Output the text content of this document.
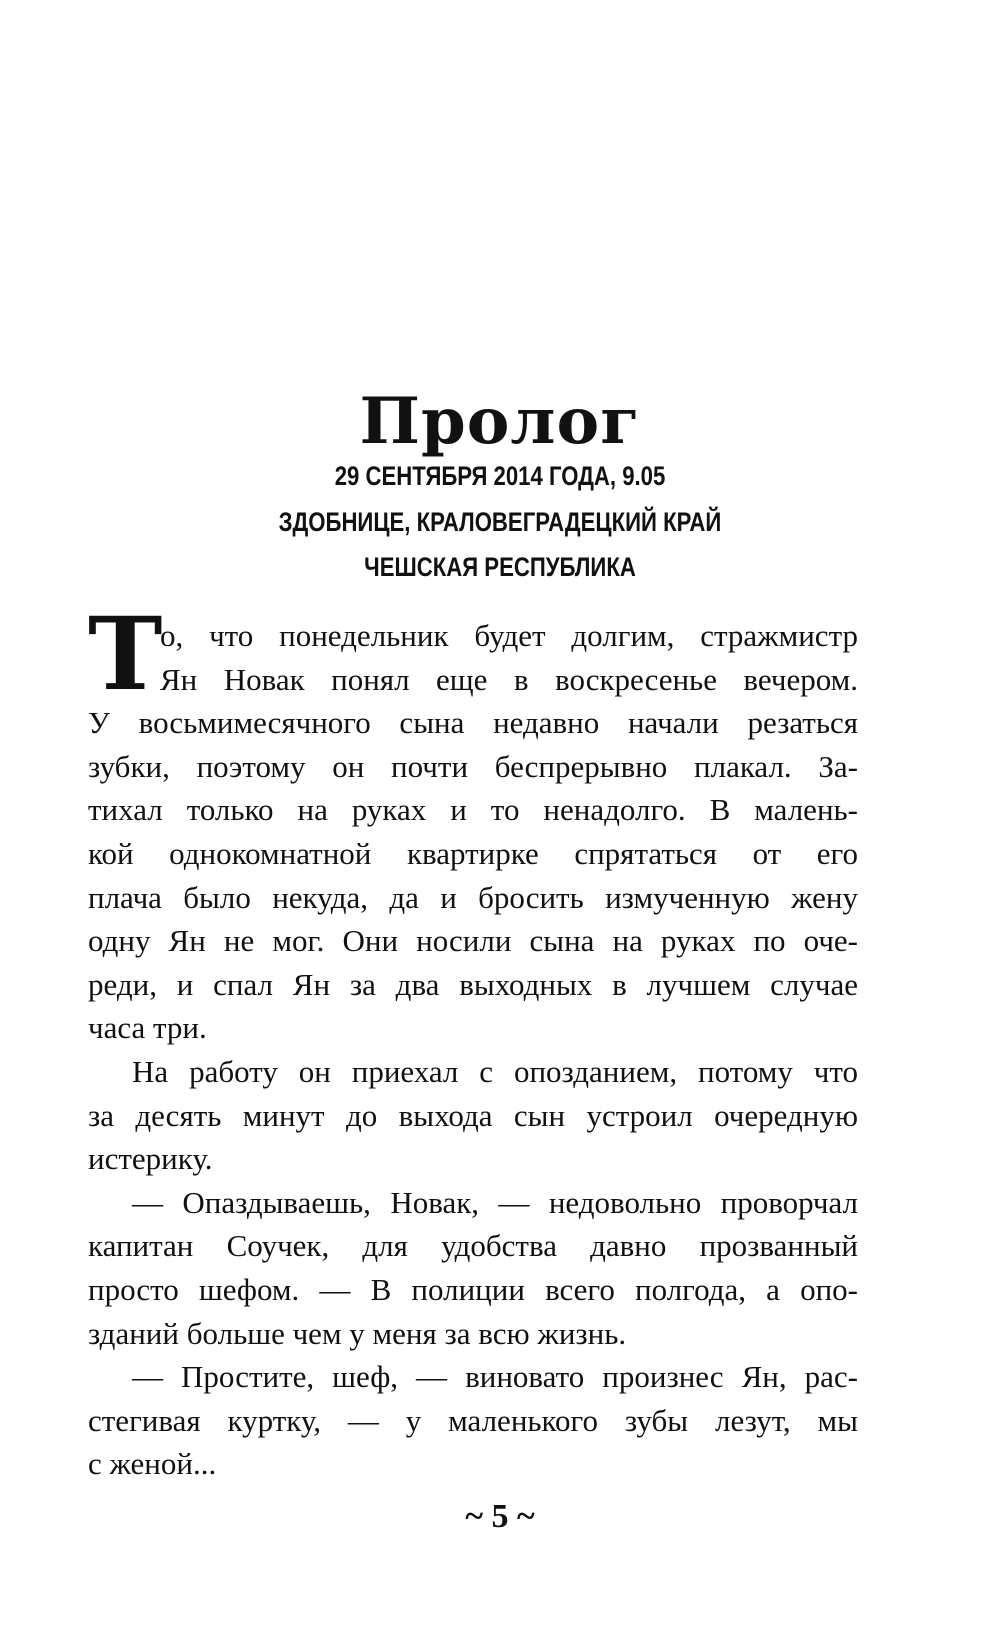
Пролог
29 СЕНТЯБРЯ 2014 ГОДА, 9.05
ЗДОБНИЦЕ, КРАЛОВЕГРАДЕЦКИЙ КРАЙ
ЧЕШСКАЯ РЕСПУБЛИКА
Т
о, что понедельник будет долгим, стражмистр
Ян Новак понял еще в воскресенье вечером.
У восьмимесячного сына недавно начали резаться
зубки, поэтому он почти беспрерывно плакал. За-
тихал только на руках и то ненадолго. В малень-
кой однокомнатной квартирке спрятаться от его
плача было некуда, да и бросить измученную жену
одну Ян не мог. Они носили сына на руках по оче-
реди, и спал Ян за два выходных в лучшем случае
часа три.
На работу он приехал с опозданием, потому что
за десять минут до выхода сын устроил очередную
истерику.
— Опаздываешь, Новак, — недовольно проворчал
капитан Соучек, для удобства давно прозванный
просто шефом. — В полиции всего полгода, а опо-
зданий больше чем у меня за всю жизнь.
— Простите, шеф, — виновато произнес Ян, рас-
стегивая куртку, — у маленького зубы лезут, мы
с женой...
~ 5 ~
